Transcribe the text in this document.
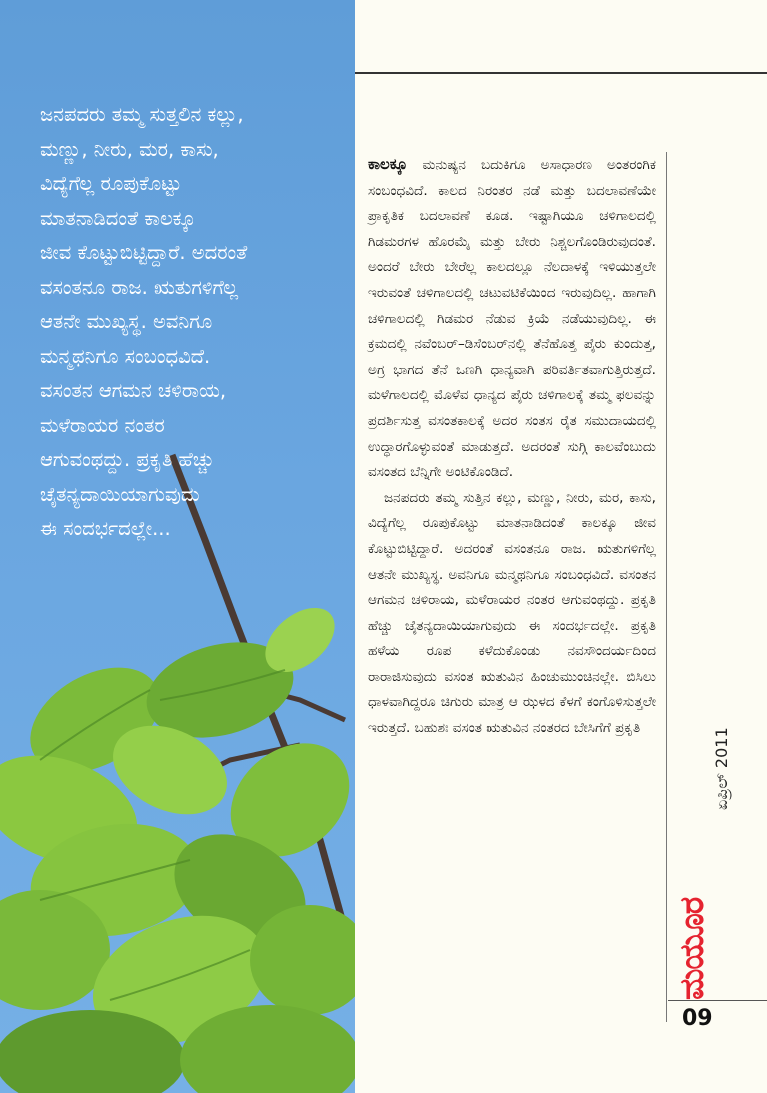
ಜನಪದರು ತಮ್ಮ ಸುತ್ತಲಿನ ಕಲ್ಲು,
ಮಣ್ಣು, ನೀರು, ಮರ, ಕಾಸು,
ವಿದ್ಯೆಗೆಲ್ಲ ರೂಪುಕೊಟ್ಟು
ಮಾತನಾಡಿದಂತೆ ಕಾಲಕ್ಕೂ
ಜೀವ ಕೊಟ್ಟುಬಿಟ್ಟಿದ್ದಾರೆ. ಅದರಂತೆ
ವಸಂತನೂ ರಾಜ. ಋತುಗಳಿಗೆಲ್ಲ
ಆತನೇ ಮುಖ್ಯಸ್ಥ. ಅವನಿಗೂ
ಮನ್ಮಥನಿಗೂ ಸಂಬಂಧವಿದೆ.
ವಸಂತನ ಆಗಮನ ಚಳಿರಾಯ,
ಮಳೆರಾಯರ ನಂತರ
ಆಗುವಂಥದ್ದು. ಪ್ರಕೃತಿ ಹೆಚ್ಚು
ಚೈತನ್ಯದಾಯಿಯಾಗುವುದು
ಈ ಸಂದರ್ಭದಲ್ಲೇ...

ಕಾಲಕ್ಕೂ ಮನುಷ್ಯನ ಬದುಕಿಗೂ ಅಸಾಧಾರಣ ಅಂತರಂಗಿಕ ಸಂಬಂಧವಿದೆ. ಕಾಲದ ನಿರಂತರ ನಡೆ ಮತ್ತು ಬದಲಾವಣೆಯೇ ಪ್ರಾಕೃತಿಕ ಬದಲಾವಣೆ ಕೂಡ. ಇಷ್ಟಾಗಿಯೂ ಚಳಿಗಾಲದಲ್ಲಿ ಗಿಡಮರಗಳ ಹೊರಮೈ ಮತ್ತು ಬೇರು ನಿಶ್ಚಲಗೊಂಡಿರುವುದಂತೆ. ಅಂದರೆ ಬೇರು ಬೇರೆಲ್ಲ ಕಾಲದಲ್ಲೂ ನೆಲದಾಳಕ್ಕೆ ಇಳಿಯುತ್ತಲೇ ಇರುವಂತೆ ಚಳಿಗಾಲದಲ್ಲಿ ಚಟುವಟಿಕೆಯಿಂದ ಇರುವುದಿಲ್ಲ. ಹಾಗಾಗಿ ಚಳಿಗಾಲದಲ್ಲಿ ಗಿಡಮರ ನೆಡುವ ಕ್ರಿಯೆ ನಡೆಯುವುದಿಲ್ಲ. ಈ ಕ್ರಮದಲ್ಲಿ ನವೆಂಬರ್–ಡಿಸೆಂಬರ್‌ನಲ್ಲಿ ತೆನೆಹೊತ್ತ ಪೈರು ಕುಂದುತ್ತ, ಅಗ್ರ ಭಾಗದ ತೆನೆ ಒಣಗಿ ಧಾನ್ಯವಾಗಿ ಪರಿವರ್ತಿತವಾಗುತ್ತಿರುತ್ತದೆ. ಮಳೆಗಾಲದಲ್ಲಿ ಮೊಳೆವ ಧಾನ್ಯದ ಪೈರು ಚಳಿಗಾಲಕ್ಕೆ ತಮ್ಮ ಫಲವನ್ನು ಪ್ರದರ್ಶಿಸುತ್ತ ವಸಂತಕಾಲಕ್ಕೆ ಅದರ ಸಂತಸ ರೈತ ಸಮುದಾಯದಲ್ಲಿ ಉದ್ಧಾರಗೊಳ್ಳುವಂತೆ ಮಾಡುತ್ತದೆ. ಅದರಂತೆ ಸುಗ್ಗಿ ಕಾಲವೆಂಬುದು ವಸಂತದ ಬೆನ್ನಿಗೇ ಅಂಟಿಕೊಂಡಿದೆ.

ಜನಪದರು ತಮ್ಮ ಸುತ್ತಿನ ಕಲ್ಲು, ಮಣ್ಣು, ನೀರು, ಮರ, ಕಾಸು, ವಿದ್ಯೆಗೆಲ್ಲ ರೂಪುಕೊಟ್ಟು ಮಾತನಾಡಿದಂತೆ ಕಾಲಕ್ಕೂ ಜೀವ ಕೊಟ್ಟುಬಿಟ್ಟಿದ್ದಾರೆ. ಅದರಂತೆ ವಸಂತನೂ ರಾಜ. ಋತುಗಳಿಗೆಲ್ಲ ಆತನೇ ಮುಖ್ಯಸ್ಥ. ಅವನಿಗೂ ಮನ್ಮಥನಿಗೂ ಸಂಬಂಧವಿದೆ. ವಸಂತನ ಆಗಮನ ಚಳಿರಾಯ, ಮಳೆರಾಯರ ನಂತರ ಆಗುವಂಥದ್ದು. ಪ್ರಕೃತಿ ಹೆಚ್ಚು ಚೈತನ್ಯದಾಯಿಯಾಗುವುದು ಈ ಸಂದರ್ಭದಲ್ಲೇ. ಪ್ರಕೃತಿ ಹಳೆಯ ರೂಪ ಕಳೆದುಕೊಂಡು ನವಸೌಂದರ್ಯದಿಂದ ರಾರಾಜಿಸುವುದು ವಸಂತ ಋತುವಿನ ಹಿಂಚುಮುಂಚಿನಲ್ಲೇ. ಬಿಸಿಲು ಧಾಳವಾಗಿದ್ದರೂ ಚಿಗುರು ಮಾತ್ರ ಆ ಝಳದ ಕೆಳಗೆ ಕಂಗೊಳಿಸುತ್ತಲೇ ಇರುತ್ತದೆ. ಬಹುಶಃ ವಸಂತ ಋತುವಿನ ನಂತರದ ಬೇಸಿಗೆಗೆ ಪ್ರಕೃತಿ	ಏಪ್ರಿಲ್ 2011
ಮಯೂರ
09
